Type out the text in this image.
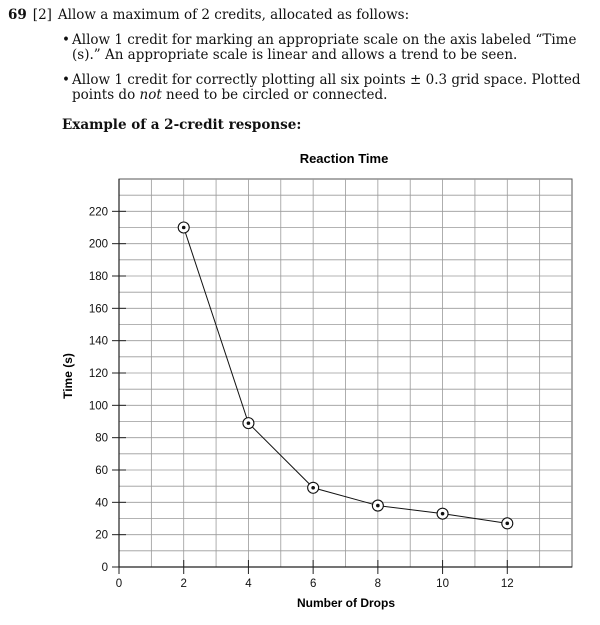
69 [2] Allow a maximum of 2 credits, allocated as follows:
• Allow 1 credit for marking an appropriate scale on the axis labeled “Time (s).” An appropriate scale is linear and allows a trend to be seen.
• Allow 1 credit for correctly plotting all six points ± 0.3 grid space. Plotted points do not need to be circled or connected.
Example of a 2-credit response:
Reaction Time
0
20
40
60
80
100
120
140
160
180
200
220
0	2	4	6	8	10	12
Number of Drops
Time (s)
